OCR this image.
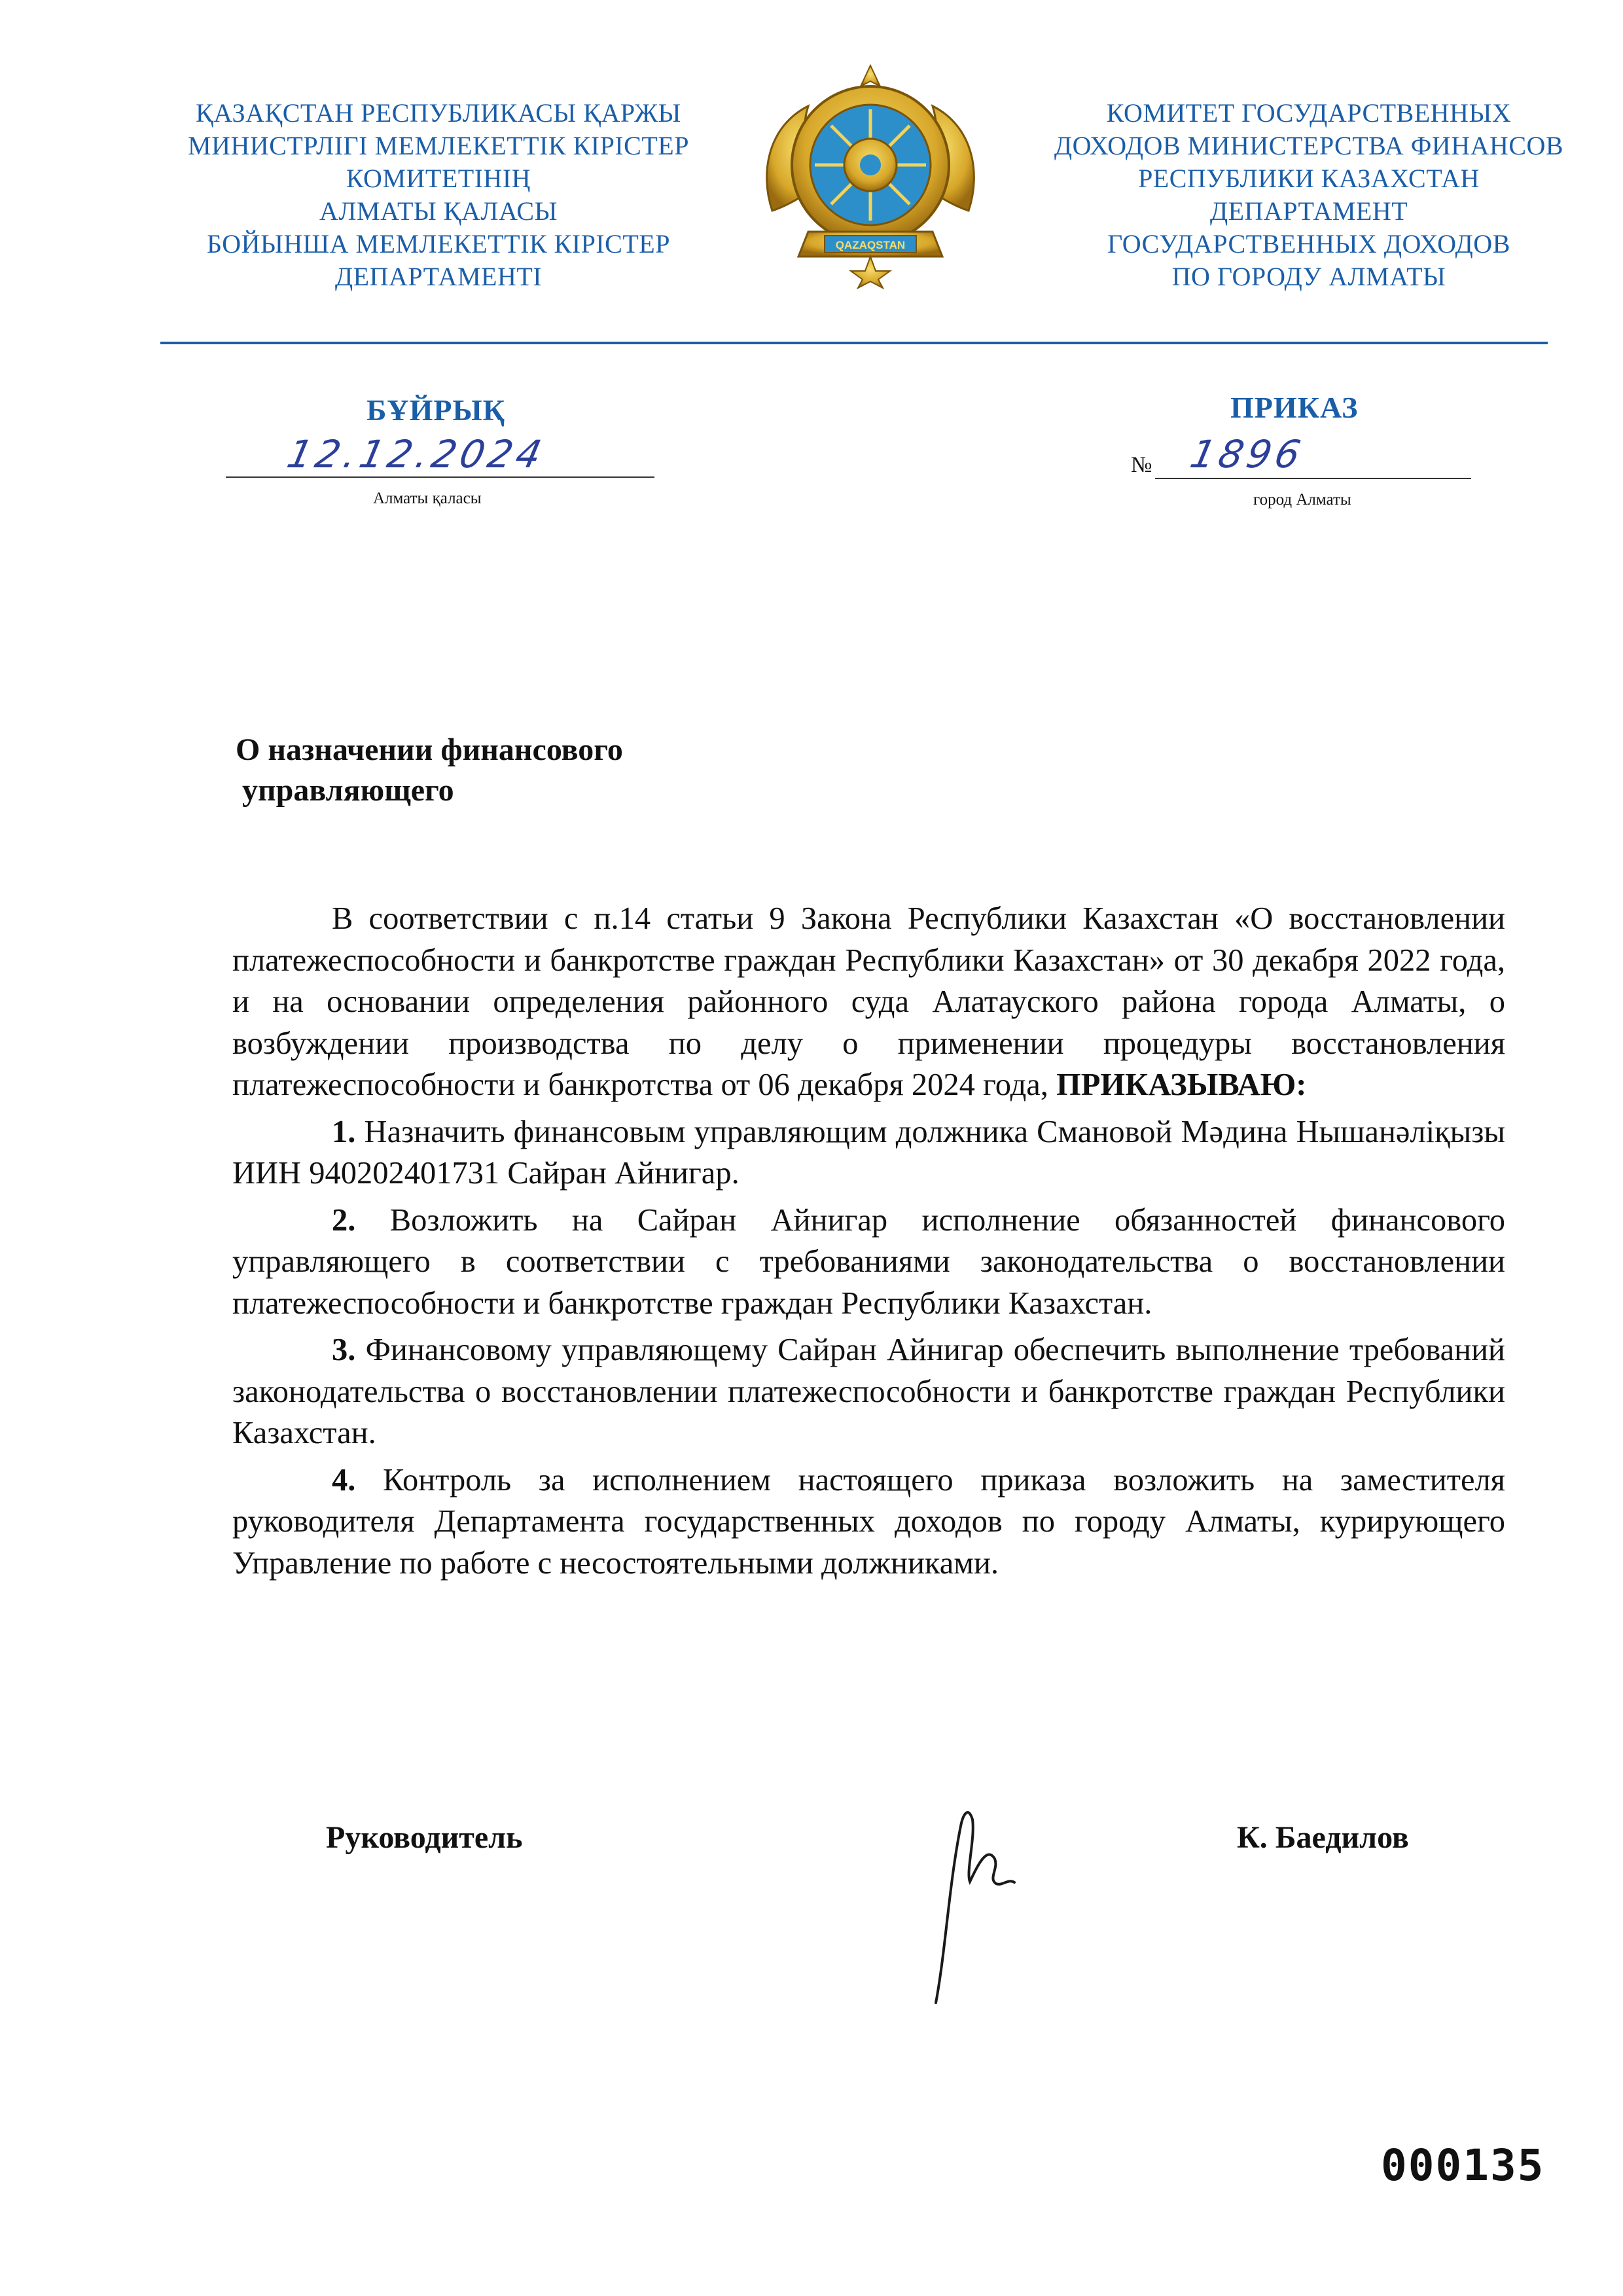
ҚАЗАҚСТАН РЕСПУБЛИКАСЫ ҚАРЖЫ
МИНИСТРЛІГІ МЕМЛЕКЕТТІК КІРІСТЕР
КОМИТЕТІНІҢ
АЛМАТЫ ҚАЛАСЫ
БОЙЫНША МЕМЛЕКЕТТІК КІРІСТЕР
ДЕПАРТАМЕНТІ
QAZAQSTAN
КОМИТЕТ ГОСУДАРСТВЕННЫХ
ДОХОДОВ МИНИСТЕРСТВА ФИНАНСОВ
РЕСПУБЛИКИ КАЗАХСТАН
ДЕПАРТАМЕНТ
ГОСУДАРСТВЕННЫХ ДОХОДОВ
ПО ГОРОДУ АЛМАТЫ
БҰЙРЫҚ	ПРИКАЗ
12.12.2024
Алматы қаласы
№ 1896
город Алматы
О назначении финансового
управляющего

В соответствии с п.14 статьи 9 Закона Республики Казахстан «О восстановлении платежеспособности и банкротстве граждан Республики Казахстан» от 30 декабря 2022 года, и на основании определения районного суда Алатауского района города Алматы, о возбуждении производства по делу о применении процедуры восстановления платежеспособности и банкротства от 06 декабря 2024 года, ПРИКАЗЫВАЮ:

1. Назначить финансовым управляющим должника Смановой Мәдина Нышанәліқызы ИИН 940202401731 Сайран Айнигар.

2. Возложить на Сайран Айнигар исполнение обязанностей финансового управляющего в соответствии с требованиями законодательства о восстановлении платежеспособности и банкротстве граждан Республики Казахстан.

3. Финансовому управляющему Сайран Айнигар обеспечить выполнение требований законодательства о восстановлении платежеспособности и банкротстве граждан Республики Казахстан.

4. Контроль за исполнением настоящего приказа возложить на заместителя руководителя Департамента государственных доходов по городу Алматы, курирующего Управление по работе с несостоятельными должниками.

Руководитель	К. Баедилов
000135
